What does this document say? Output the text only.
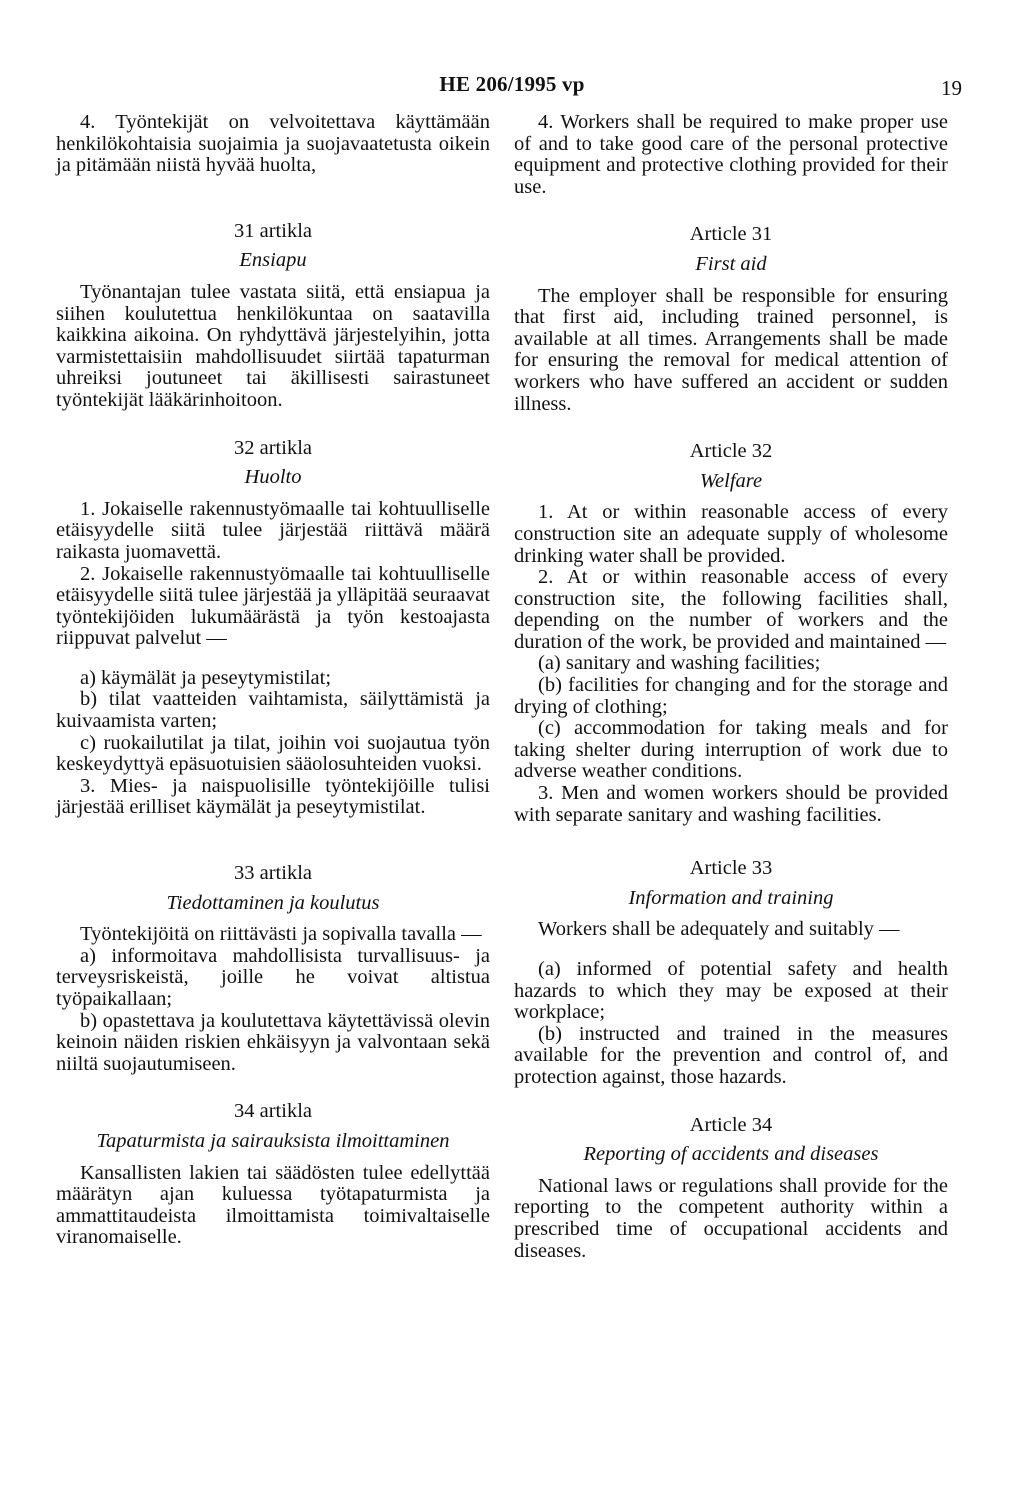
HE 206/1995 vp	19

4. Työntekijät on velvoitettava käyttämään henkilökohtaisia suojaimia ja suojavaatetusta oikein ja pitämään niistä hyvää huolta,

31 artikla

Ensiapu

Työnantajan tulee vastata siitä, että ensiapua ja siihen koulutettua henkilökuntaa on saatavilla kaikkina aikoina. On ryhdyttävä järjestelyihin, jotta varmistettaisiin mahdollisuudet siirtää tapaturman uhreiksi joutuneet tai äkillisesti sairastuneet työntekijät lääkärinhoitoon.

32 artikla

Huolto

1. Jokaiselle rakennustyömaalle tai kohtuulliselle etäisyydelle siitä tulee järjestää riittävä määrä raikasta juomavettä.

2. Jokaiselle rakennustyömaalle tai kohtuulliselle etäisyydelle siitä tulee järjestää ja ylläpitää seuraavat työntekijöiden lukumäärästä ja työn kestoajasta riippuvat palvelut —

a) käymälät ja peseytymistilat;

b) tilat vaatteiden vaihtamista, säilyttämistä ja kuivaamista varten;

c) ruokailutilat ja tilat, joihin voi suojautua työn keskeydyttyä epäsuotuisien sääolosuhteiden vuoksi.

3. Mies- ja naispuolisille työntekijöille tulisi järjestää erilliset käymälät ja peseytymistilat.

33 artikla

Tiedottaminen ja koulutus

Työntekijöitä on riittävästi ja sopivalla tavalla —

a) informoitava mahdollisista turvallisuus- ja terveysriskeistä, joille he voivat altistua työpaikallaan;

b) opastettava ja koulutettava käytettävissä olevin keinoin näiden riskien ehkäisyyn ja valvontaan sekä niiltä suojautumiseen.

34 artikla

Tapaturmista ja sairauksista ilmoittaminen

Kansallisten lakien tai säädösten tulee edellyttää määrätyn ajan kuluessa työtapaturmista ja ammattitaudeista ilmoittamista toimivaltaiselle viranomaiselle.

4. Workers shall be required to make proper use of and to take good care of the personal protective equipment and protective clothing provided for their use.

Article 31

First aid

The employer shall be responsible for ensuring that first aid, including trained personnel, is available at all times. Arrangements shall be made for ensuring the removal for medical attention of workers who have suffered an accident or sudden illness.

Article 32

Welfare

1. At or within reasonable access of every construction site an adequate supply of wholesome drinking water shall be provided.

2. At or within reasonable access of every construction site, the following facilities shall, depending on the number of workers and the duration of the work, be provided and maintained —

(a) sanitary and washing facilities;

(b) facilities for changing and for the storage and drying of clothing;

(c) accommodation for taking meals and for taking shelter during interruption of work due to adverse weather conditions.

3. Men and women workers should be provided with separate sanitary and washing facilities.

Article 33

Information and training

Workers shall be adequately and suitably —

(a) informed of potential safety and health hazards to which they may be exposed at their workplace;

(b) instructed and trained in the measures available for the prevention and control of, and protection against, those hazards.

Article 34

Reporting of accidents and diseases

National laws or regulations shall provide for the reporting to the competent authority within a prescribed time of occupational accidents and diseases.
